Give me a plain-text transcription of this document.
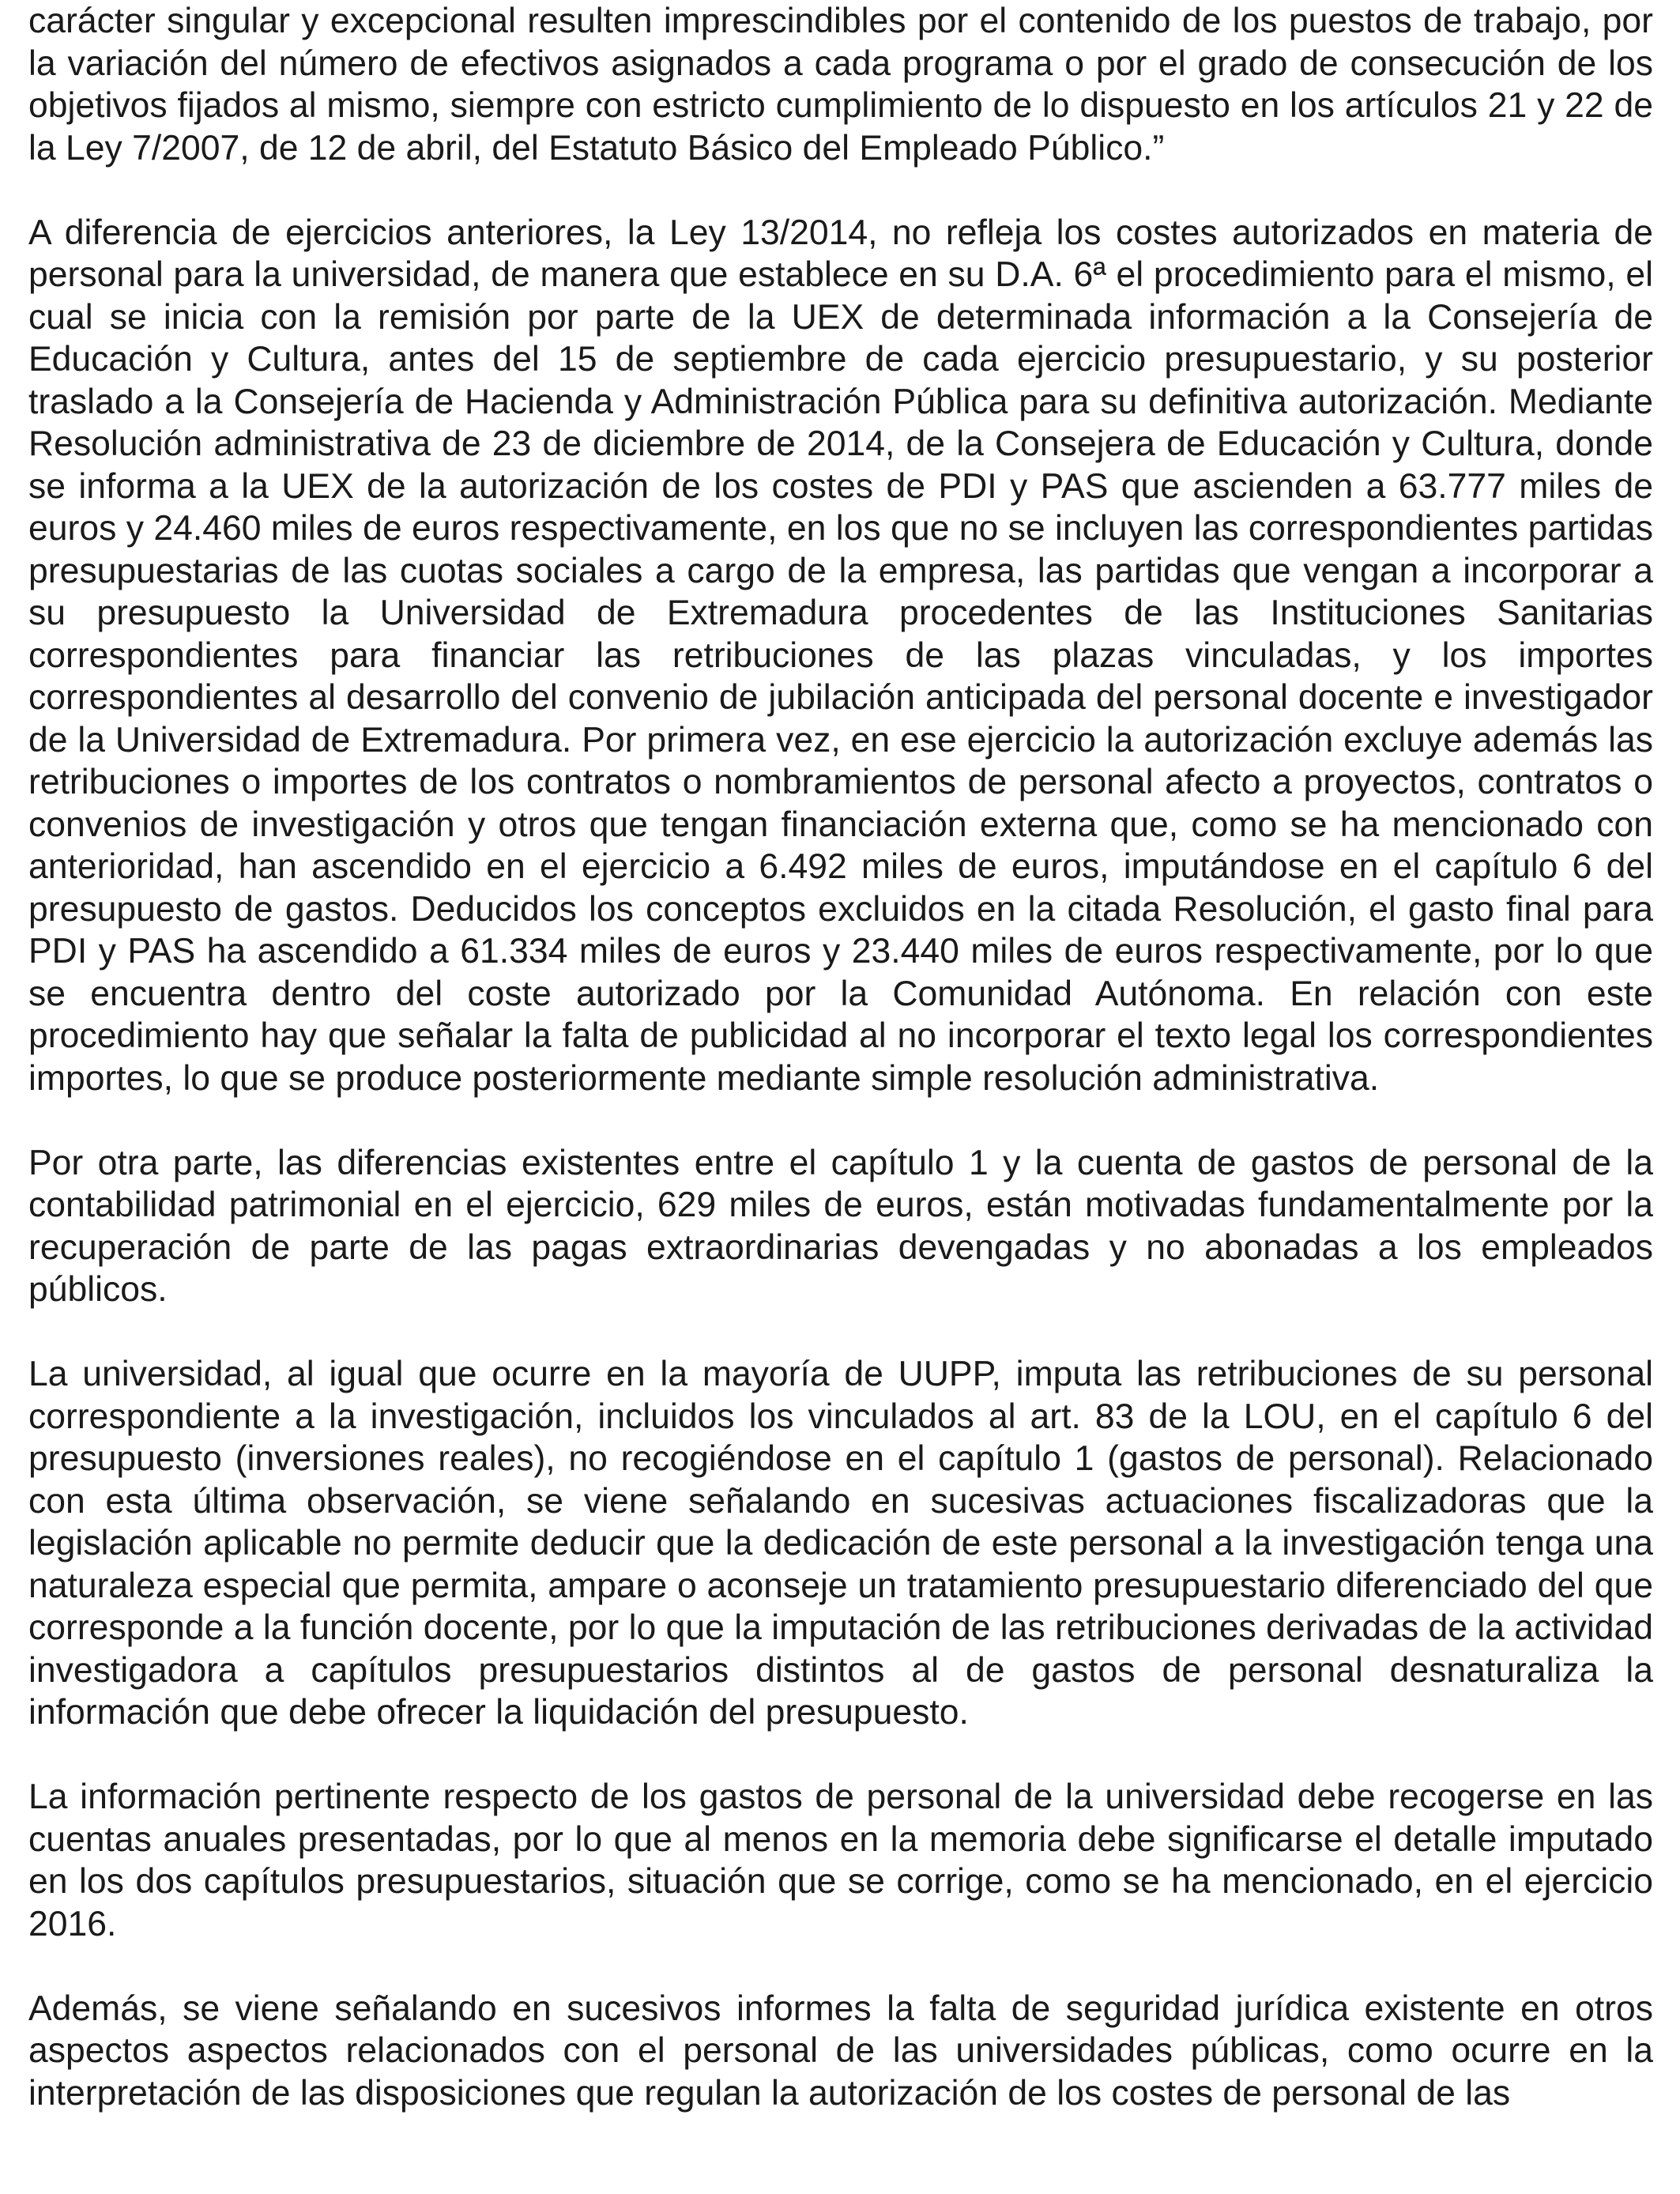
carácter singular y excepcional resulten imprescindibles por el contenido de los puestos de trabajo, por la variación del número de efectivos asignados a cada programa o por el grado de consecución de los objetivos fijados al mismo, siempre con estricto cumplimiento de lo dispuesto en los artículos 21 y 22 de la Ley 7/2007, de 12 de abril, del Estatuto Básico del Empleado Público.”

A diferencia de ejercicios anteriores, la Ley 13/2014, no refleja los costes autorizados en materia de personal para la universidad, de manera que establece en su D.A. 6ª el procedimiento para el mismo, el cual se inicia con la remisión por parte de la UEX de determinada información a la Consejería de Educación y Cultura, antes del 15 de septiembre de cada ejercicio presupuestario, y su posterior traslado a la Consejería de Hacienda y Administración Pública para su definitiva autorización. Mediante Resolución administrativa de 23 de diciembre de 2014, de la Consejera de Educación y Cultura, donde se informa a la UEX de la autorización de los costes de PDI y PAS que ascienden a 63.777 miles de euros y 24.460 miles de euros respectivamente, en los que no se incluyen las correspondientes partidas presupuestarias de las cuotas sociales a cargo de la empresa, las partidas que vengan a incorporar a su presupuesto la Universidad de Extremadura procedentes de las Instituciones Sanitarias correspondientes para financiar las retribuciones de las plazas vinculadas, y los importes correspondientes al desarrollo del convenio de jubilación anticipada del personal docente e investigador de la Universidad de Extremadura. Por primera vez, en ese ejercicio la autorización excluye además las retribuciones o importes de los contratos o nombramientos de personal afecto a proyectos, contratos o convenios de investigación y otros que tengan financiación externa que, como se ha mencionado con anterioridad, han ascendido en el ejercicio a 6.492 miles de euros, imputándose en el capítulo 6 del presupuesto de gastos. Deducidos los conceptos excluidos en la citada Resolución, el gasto final para PDI y PAS ha ascendido a 61.334 miles de euros y 23.440 miles de euros respectivamente, por lo que se encuentra dentro del coste autorizado por la Comunidad Autónoma. En relación con este procedimiento hay que señalar la falta de publicidad al no incorporar el texto legal los correspondientes importes, lo que se produce posteriormente mediante simple resolución administrativa.

Por otra parte, las diferencias existentes entre el capítulo 1 y la cuenta de gastos de personal de la contabilidad patrimonial en el ejercicio, 629 miles de euros, están motivadas fundamentalmente por la recuperación de parte de las pagas extraordinarias devengadas y no abonadas a los empleados públicos.

La universidad, al igual que ocurre en la mayoría de UUPP, imputa las retribuciones de su personal correspondiente a la investigación, incluidos los vinculados al art. 83 de la LOU, en el capítulo 6 del presupuesto (inversiones reales), no recogiéndose en el capítulo 1 (gastos de personal). Relacionado con esta última observación, se viene señalando en sucesivas actuaciones fiscalizadoras que la legislación aplicable no permite deducir que la dedicación de este personal a la investigación tenga una naturaleza especial que permita, ampare o aconseje un tratamiento presupuestario diferenciado del que corresponde a la función docente, por lo que la imputación de las retribuciones derivadas de la actividad investigadora a capítulos presupuestarios distintos al de gastos de personal desnaturaliza la información que debe ofrecer la liquidación del presupuesto.

La información pertinente respecto de los gastos de personal de la universidad debe recogerse en las cuentas anuales presentadas, por lo que al menos en la memoria debe significarse el detalle imputado en los dos capítulos presupuestarios, situación que se corrige, como se ha mencionado, en el ejercicio 2016.

Además, se viene señalando en sucesivos informes la falta de seguridad jurídica existente en otros aspectos aspectos relacionados con el personal de las universidades públicas, como ocurre en la interpretación de las disposiciones que regulan la autorización de los costes de personal de las
